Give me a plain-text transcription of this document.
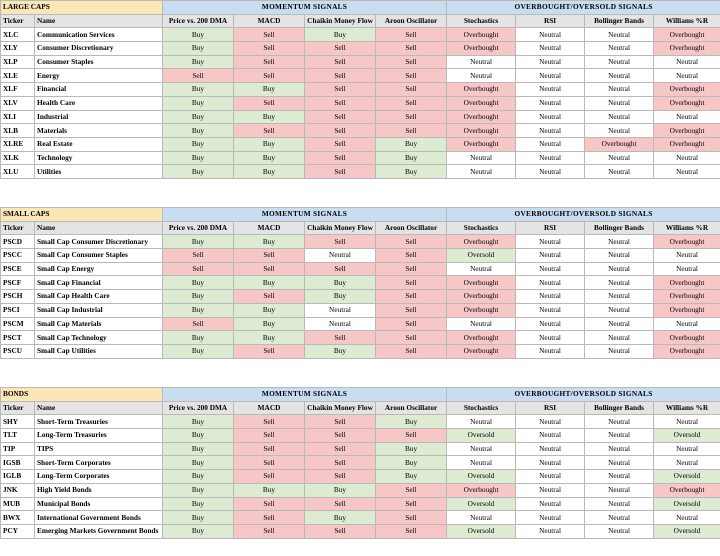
LARGE CAPS		MOMENTUM SIGNALS				OVERBOUGHT/OVERSOLD SIGNALS			
Ticker	Name	Price vs. 200 DMA	MACD	Chaikin Money Flow	Aroon Oscillator	Stochastics	RSI	Bollinger Bands	Williams %R
XLC	Communication Services	Buy	Sell	Buy	Sell	Overbought	Neutral	Neutral	Overbought
XLY	Consumer Discretionary	Buy	Sell	Sell	Sell	Overbought	Neutral	Neutral	Overbought
XLP	Consumer Staples	Buy	Sell	Sell	Sell	Neutral	Neutral	Neutral	Neutral
XLE	Energy	Sell	Sell	Sell	Sell	Neutral	Neutral	Neutral	Neutral
XLF	Financial	Buy	Buy	Sell	Sell	Overbought	Neutral	Neutral	Overbought
XLV	Health Care	Buy	Sell	Sell	Sell	Overbought	Neutral	Neutral	Overbought
XLI	Industrial	Buy	Buy	Sell	Sell	Overbought	Neutral	Neutral	Neutral
XLB	Materials	Buy	Sell	Sell	Sell	Overbought	Neutral	Neutral	Overbought
XLRE	Real Estate	Buy	Buy	Sell	Buy	Overbought	Neutral	Overbought	Overbought
XLK	Technology	Buy	Buy	Sell	Buy	Neutral	Neutral	Neutral	Neutral
XLU	Utilities	Buy	Buy	Sell	Buy	Neutral	Neutral	Neutral	Neutral
SMALL CAPS		MOMENTUM SIGNALS				OVERBOUGHT/OVERSOLD SIGNALS			
Ticker	Name	Price vs. 200 DMA	MACD	Chaikin Money Flow	Aroon Oscillator	Stochastics	RSI	Bollinger Bands	Williams %R
PSCD	Small Cap Consumer Discretionary	Buy	Buy	Sell	Sell	Overbought	Neutral	Neutral	Overbought
PSCC	Small Cap Consumer Staples	Sell	Sell	Neutral	Sell	Oversold	Neutral	Neutral	Neutral
PSCE	Small Cap Energy	Sell	Sell	Sell	Sell	Neutral	Neutral	Neutral	Neutral
PSCF	Small Cap Financial	Buy	Buy	Buy	Sell	Overbought	Neutral	Neutral	Overbought
PSCH	Small Cap Health Care	Buy	Sell	Buy	Sell	Overbought	Neutral	Neutral	Overbought
PSCI	Small Cap Industrial	Buy	Buy	Neutral	Sell	Overbought	Neutral	Neutral	Overbought
PSCM	Small Cap Materials	Sell	Buy	Neutral	Sell	Neutral	Neutral	Neutral	Neutral
PSCT	Small Cap Technology	Buy	Buy	Sell	Sell	Overbought	Neutral	Neutral	Overbought
PSCU	Small Cap Utilities	Buy	Sell	Buy	Sell	Overbought	Neutral	Neutral	Overbought
BONDS		MOMENTUM SIGNALS				OVERBOUGHT/OVERSOLD SIGNALS			
Ticker	Name	Price vs. 200 DMA	MACD	Chaikin Money Flow	Aroon Oscillator	Stochastics	RSI	Bollinger Bands	Williams %R
SHY	Short-Term Treasuries	Buy	Sell	Sell	Buy	Neutral	Neutral	Neutral	Neutral
TLT	Long-Term Treasuries	Buy	Sell	Sell	Sell	Oversold	Neutral	Neutral	Oversold
TIP	TIPS	Buy	Sell	Sell	Buy	Neutral	Neutral	Neutral	Neutral
IGSB	Short-Term Corporates	Buy	Sell	Sell	Buy	Neutral	Neutral	Neutral	Neutral
IGLB	Long-Term Corporates	Buy	Sell	Sell	Buy	Oversold	Neutral	Neutral	Oversold
JNK	High Yield Bonds	Buy	Buy	Buy	Sell	Overbought	Neutral	Neutral	Overbought
MUB	Municipal Bonds	Buy	Sell	Sell	Sell	Oversold	Neutral	Neutral	Oversold
BWX	International Government Bonds	Buy	Sell	Buy	Sell	Neutral	Neutral	Neutral	Neutral
PCY	Emerging Markets Government Bonds	Buy	Sell	Sell	Sell	Oversold	Neutral	Neutral	Oversold
